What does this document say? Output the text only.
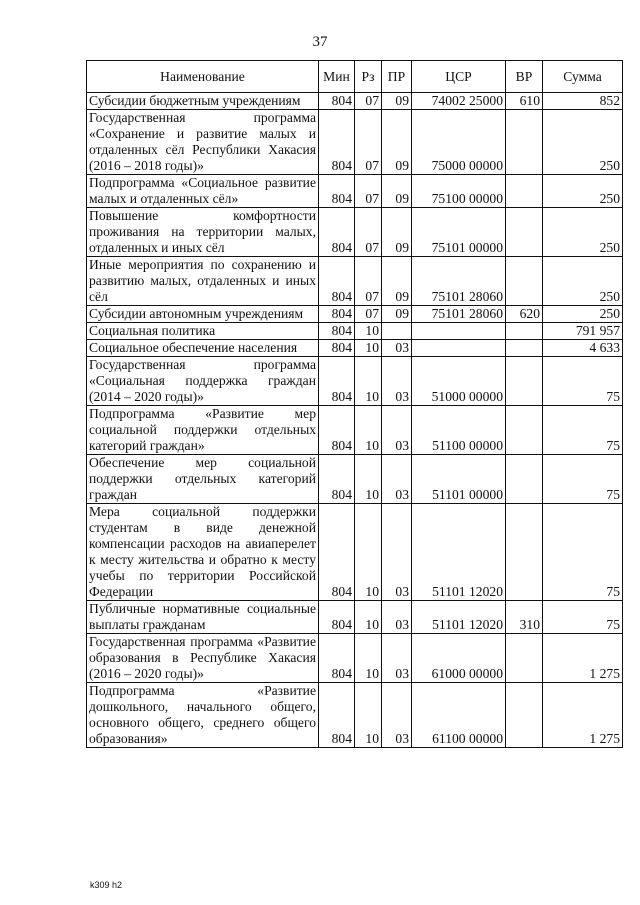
37
Наименование	Мин	Рз	ПР	ЦСР	ВР	Сумма
Субсидии бюджетным учреждениям	804	07	09	74002 25000	610	852
Государственная программа «Сохранение и развитие малых и отдаленных сёл Республики Хакасия (2016 – 2018 годы)»	804	07	09	75000 00000		250
Подпрограмма «Социальное развитие малых и отдаленных сёл»	804	07	09	75100 00000		250
Повышение комфортности проживания на территории малых, отдаленных и иных сёл	804	07	09	75101 00000		250
Иные мероприятия по сохранению и развитию малых, отдаленных и иных сёл	804	07	09	75101 28060		250
Субсидии автономным учреждениям	804	07	09	75101 28060	620	250
Социальная политика	804	10				791 957
Социальное обеспечение населения	804	10	03			4 633
Государственная программа «Социальная поддержка граждан (2014 – 2020 годы)»	804	10	03	51000 00000		75
Подпрограмма «Развитие мер социальной поддержки отдельных категорий граждан»	804	10	03	51100 00000		75
Обеспечение мер социальной поддержки отдельных категорий граждан	804	10	03	51101 00000		75
Мера социальной поддержки студентам в виде денежной компенсации расходов на авиаперелет к месту жительства и обратно к месту учебы по территории Российской Федерации	804	10	03	51101 12020		75
Публичные нормативные социальные выплаты гражданам	804	10	03	51101 12020	310	75
Государственная программа «Развитие образования в Республике Хакасия (2016 – 2020 годы)»	804	10	03	61000 00000		1 275
Подпрограмма «Развитие дошкольного, начального общего, основного общего, среднего общего образования»	804	10	03	61100 00000		1 275
k309 h2
